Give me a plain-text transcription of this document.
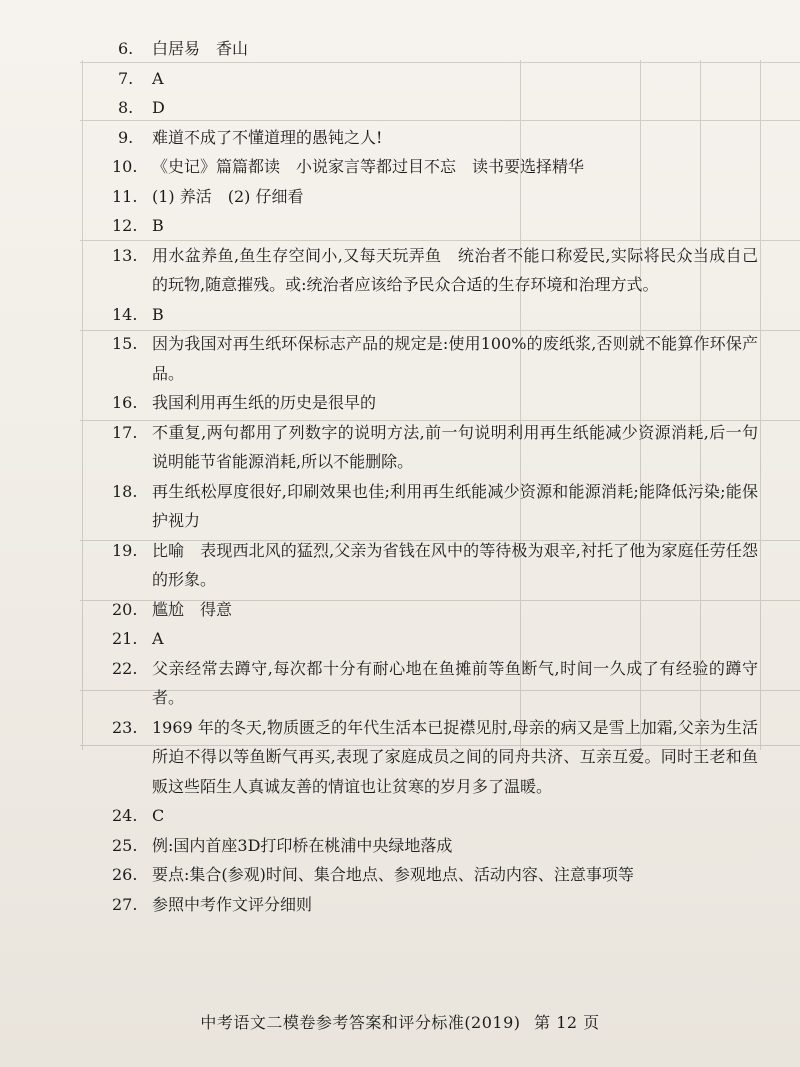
6.	白居易　香山
7.	A
8.	D
9.	难道不成了不懂道理的愚钝之人!
10. 《史记》篇篇都读　小说家言等都过目不忘　读书要选择精华
11. (1) 养活　(2) 仔细看
12. B
13. 用水盆养鱼,鱼生存空间小,又每天玩弄鱼　统治者不能口称爱民,实际将民众当成自己的玩物,随意摧残。或:统治者应该给予民众合适的生存环境和治理方式。
14. B
15. 因为我国对再生纸环保标志产品的规定是:使用100%的废纸浆,否则就不能算作环保产品。
16. 我国利用再生纸的历史是很早的
17. 不重复,两句都用了列数字的说明方法,前一句说明利用再生纸能减少资源消耗,后一句说明能节省能源消耗,所以不能删除。
18. 再生纸松厚度很好,印刷效果也佳;利用再生纸能减少资源和能源消耗;能降低污染;能保护视力
19. 比喻　表现西北风的猛烈,父亲为省钱在风中的等待极为艰辛,衬托了他为家庭任劳任怨的形象。
20. 尴尬　得意
21. A
22. 父亲经常去蹲守,每次都十分有耐心地在鱼摊前等鱼断气,时间一久成了有经验的蹲守者。
23. 1969 年的冬天,物质匮乏的年代生活本已捉襟见肘,母亲的病又是雪上加霜,父亲为生活所迫不得以等鱼断气再买,表现了家庭成员之间的同舟共济、互亲互爱。同时王老和鱼贩这些陌生人真诚友善的情谊也让贫寒的岁月多了温暖。
24. C
25. 例:国内首座3D打印桥在桃浦中央绿地落成
26. 要点:集合(参观)时间、集合地点、参观地点、活动内容、注意事项等
27. 参照中考作文评分细则
中考语文二模卷参考答案和评分标准(2019) 第 12 页
